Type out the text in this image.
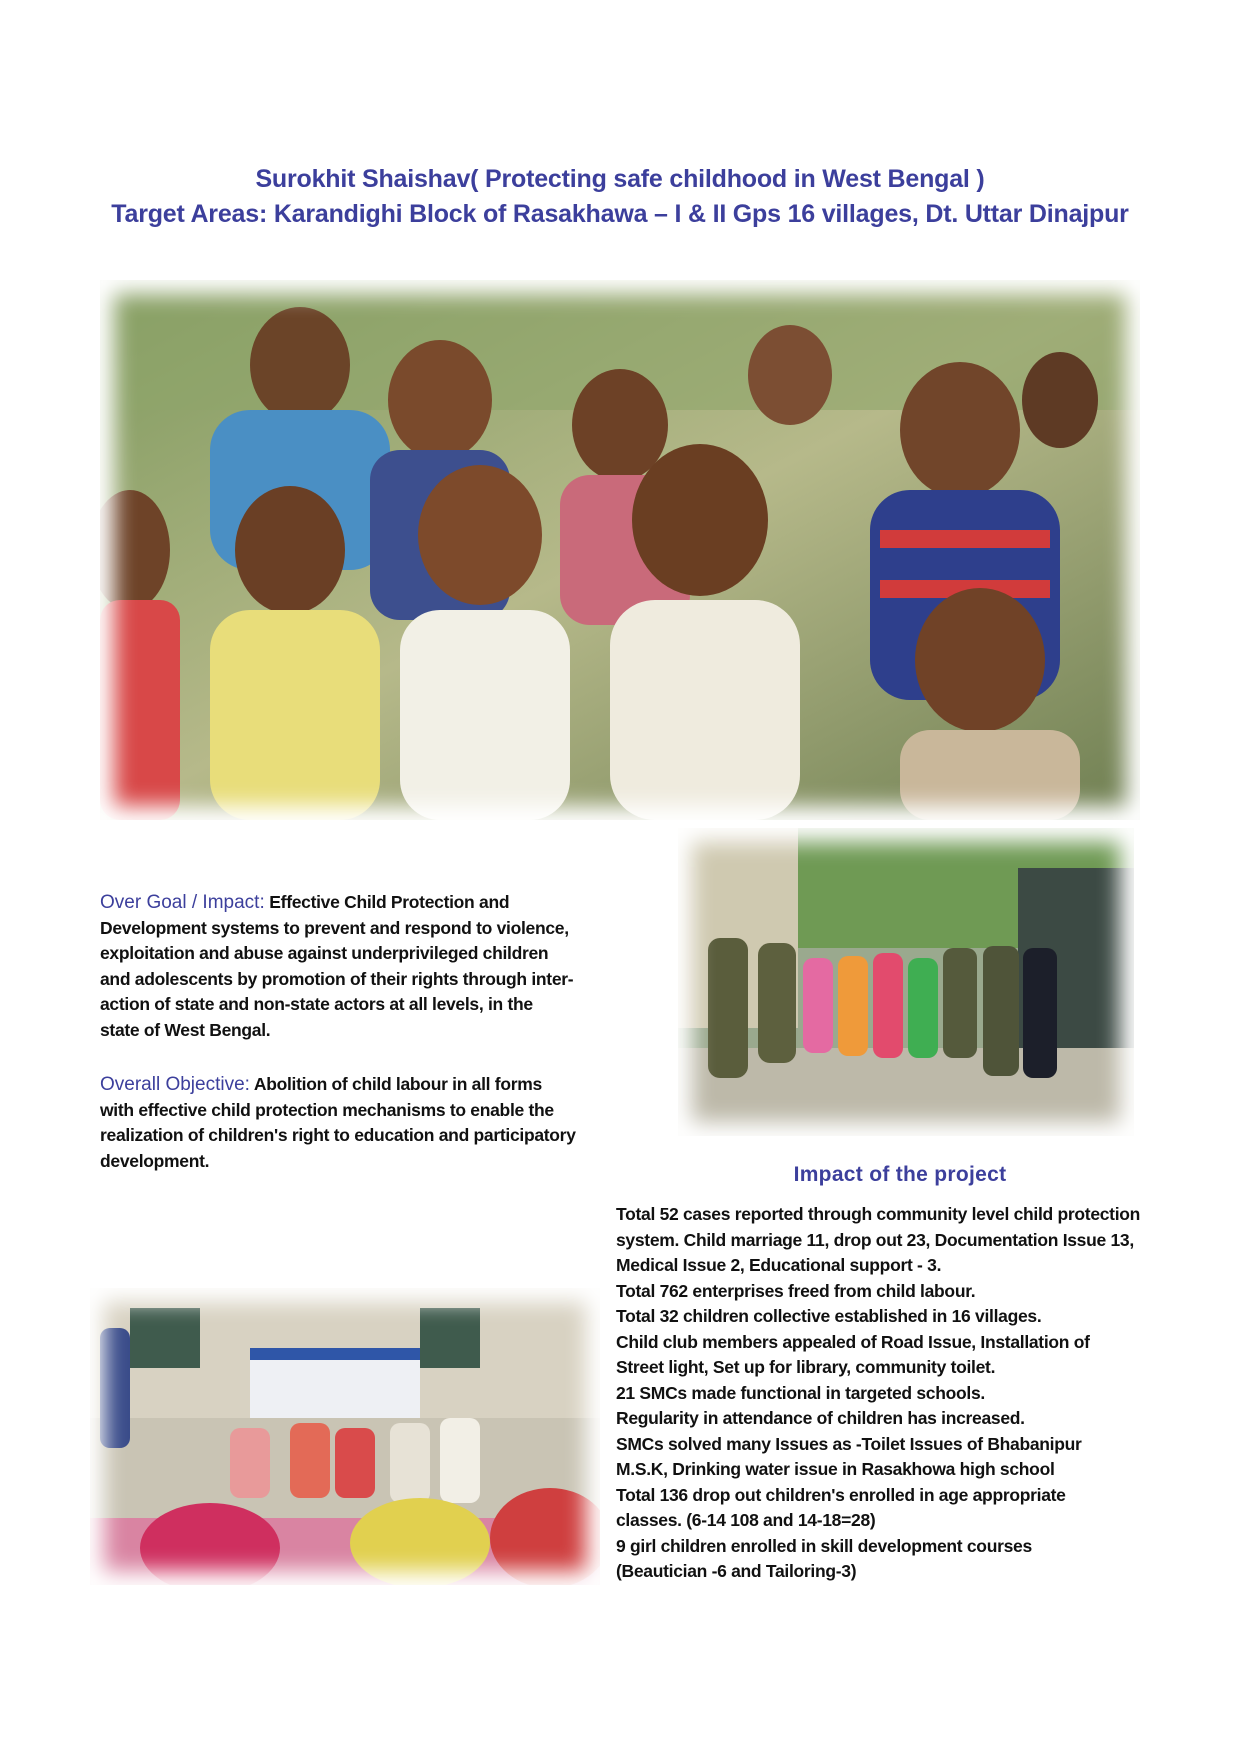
Surokhit Shaishav( Protecting safe childhood in West Bengal )
Target Areas: Karandighi Block of Rasakhawa – I & II Gps 16 villages, Dt. Uttar Dinajpur
Over Goal / Impact: Effective Child Protection and
Development systems to prevent and respond to violence,
exploitation and abuse against underprivileged children
and adolescents by promotion of their rights through inter-
action of state and non-state actors at all levels, in the
state of West Bengal.
Overall Objective: Abolition of child labour in all forms
with effective child protection mechanisms to enable the
realization of children's right to education and participatory
development.
Impact of the project
Total 52 cases reported through community level child protection
system. Child marriage 11, drop out 23, Documentation Issue 13,
Medical Issue 2, Educational support - 3.
Total 762 enterprises freed from child labour.
Total 32 children collective established in 16 villages.
Child club members appealed of Road Issue, Installation of
Street light, Set up for library, community toilet.
21 SMCs made functional in targeted schools.
Regularity in attendance of children has increased.
SMCs solved many Issues as -Toilet Issues of Bhabanipur
M.S.K, Drinking water issue in Rasakhowa high school
Total 136 drop out children's enrolled in age appropriate
classes. (6-14 108 and 14-18=28)
9 girl children enrolled in skill development courses
(Beautician -6 and Tailoring-3)
